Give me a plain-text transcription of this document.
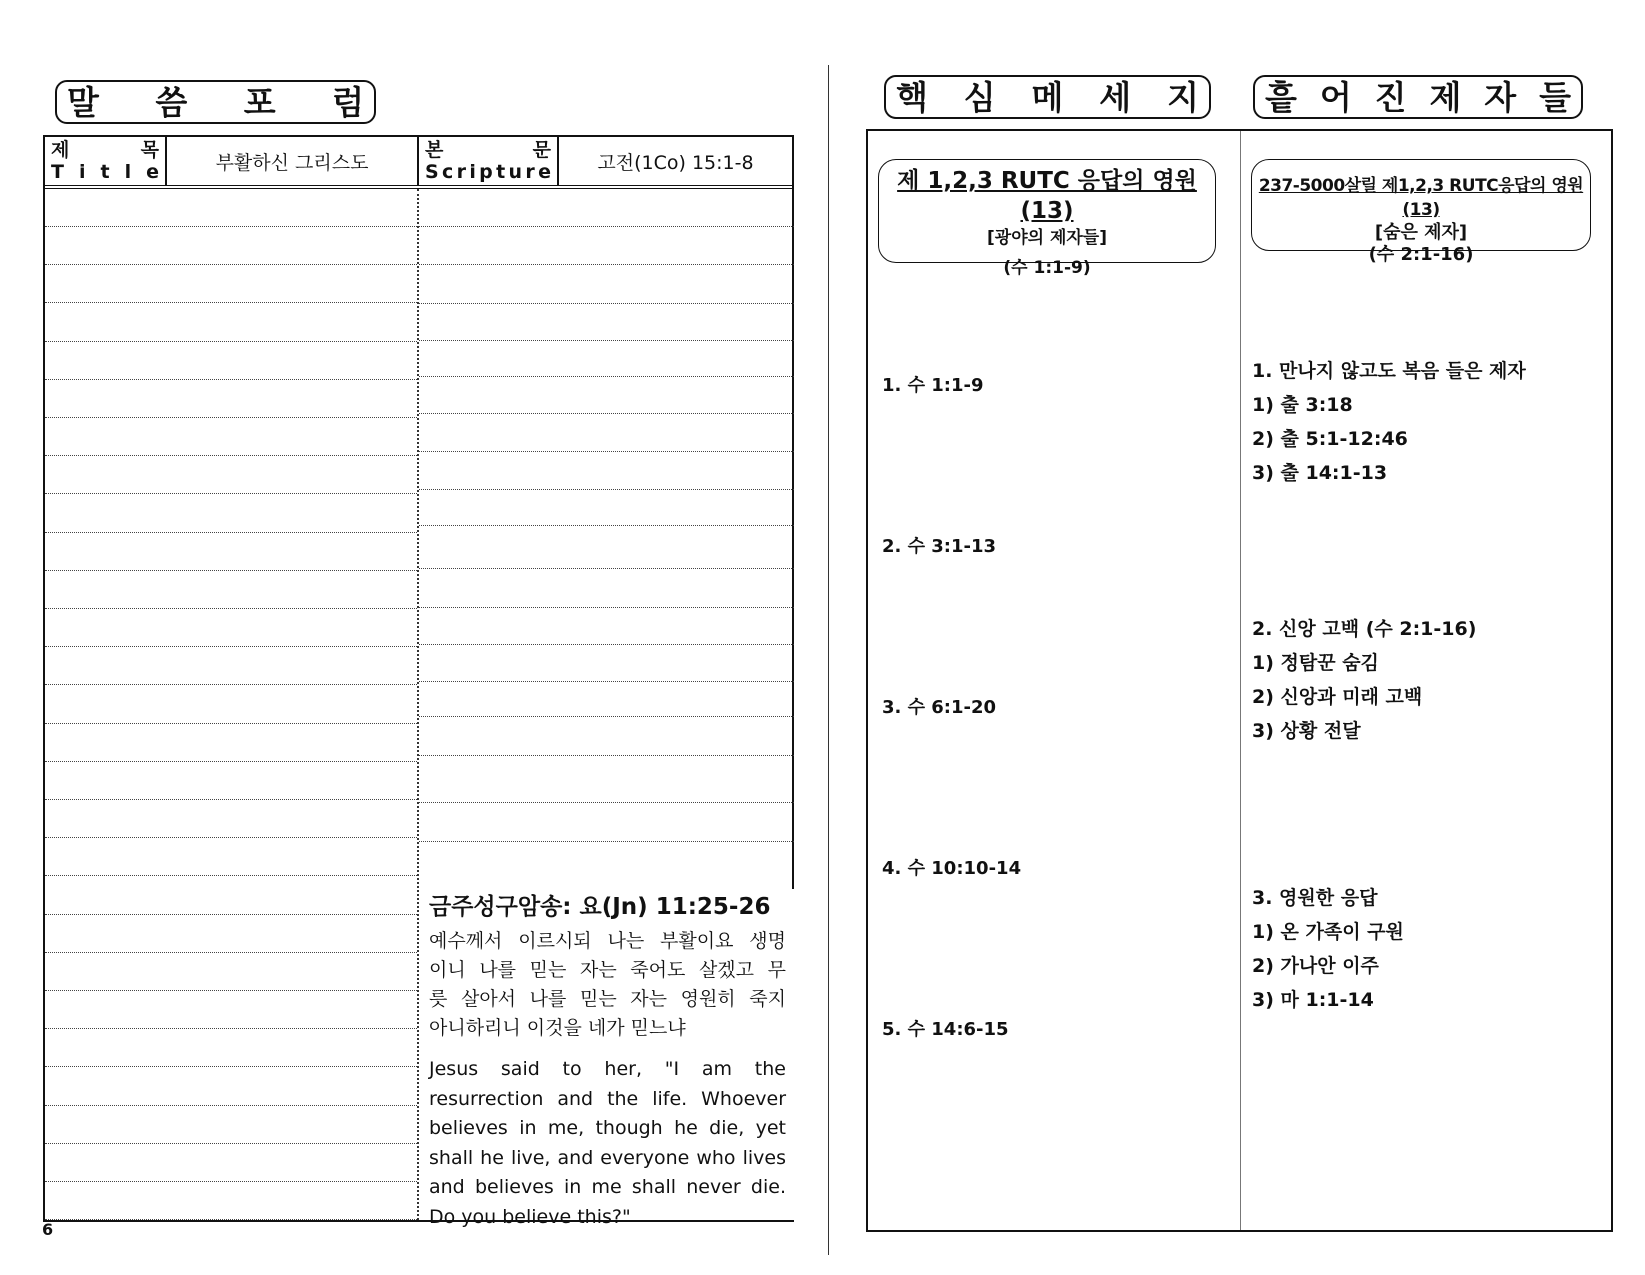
말 씀 포 럼
제	목
T i t l e	부활하신 그리스도
본	문
S c r i p t u r e	고전(1Co) 15:1-8
금주성구암송: 요(Jn) 11:25-26
예수께서 이르시되 나는 부활이요 생명
이니 나를 믿는 자는 죽어도 살겠고 무
릇 살아서 나를 믿는 자는 영원히 죽지
아니하리니 이것을 네가 믿느냐
Jesus said to her, "I am the resurrection and the life. Whoever believes in me, though he die, yet shall he live, and everyone who lives and believes in me shall never die. Do you believe this?"
6
핵 심 메 세 지 흩 어 진 제 자 들
제 1,2,3 RUTC 응답의 영원 (13)
[광야의 제자들]
(수 1:1-9)
237-5000살릴 제1,2,3 RUTC응답의 영원(13)
[숨은 제자]
(수 2:1-16)
1. 수 1:1-9
2. 수 3:1-13
3. 수 6:1-20
4. 수 10:10-14
5. 수 14:6-15
1. 만나지 않고도 복음 들은 제자
1) 출 3:18
2) 출 5:1-12:46
3) 출 14:1-13
2. 신앙 고백 (수 2:1-16)
1) 정탐꾼 숨김
2) 신앙과 미래 고백
3) 상황 전달
3. 영원한 응답
1) 온 가족이 구원
2) 가나안 이주
3) 마 1:1-14
